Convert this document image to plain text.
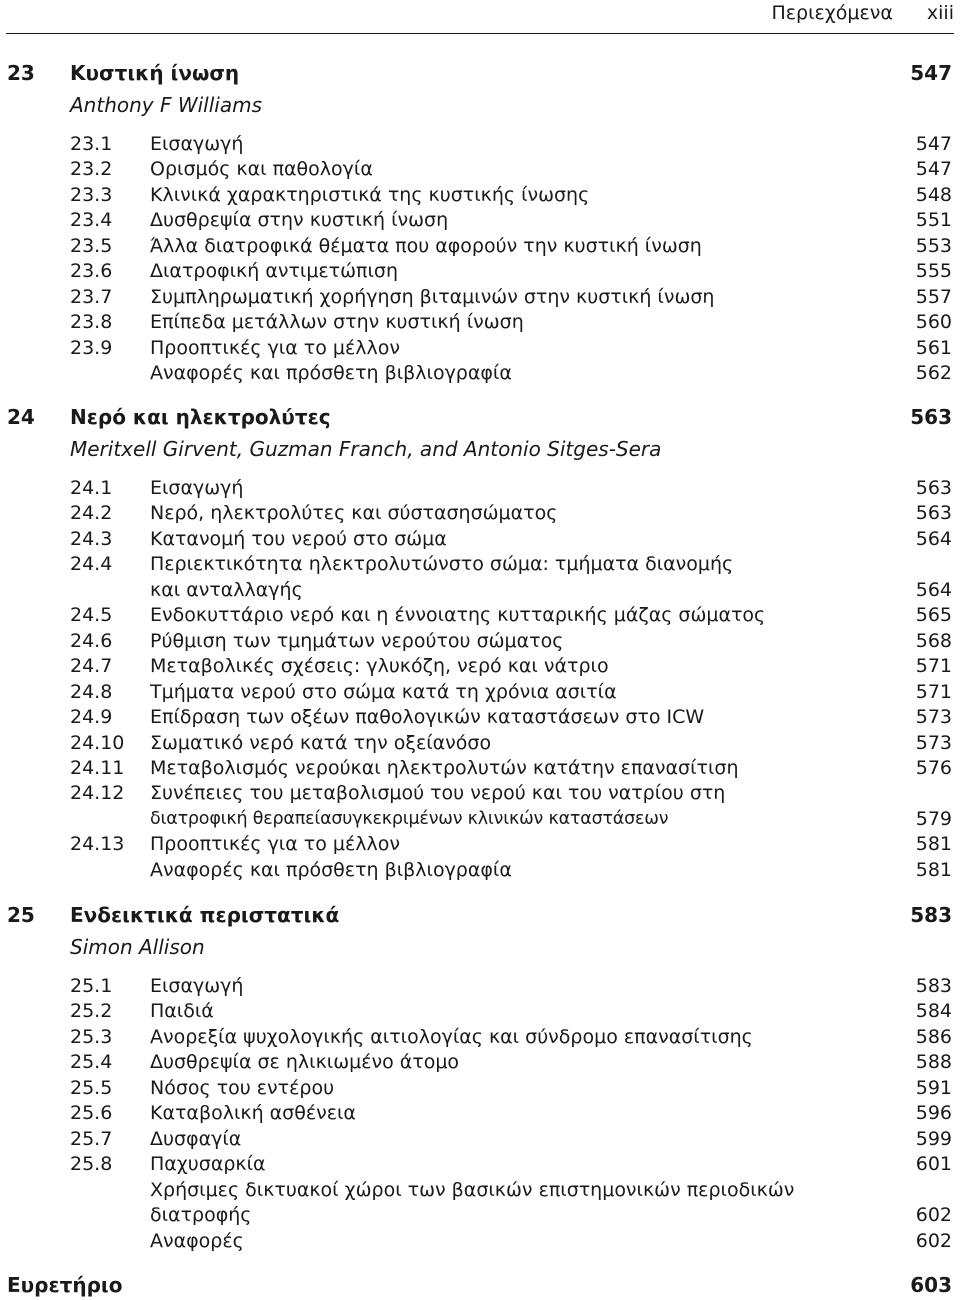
Περιεχόμενα xiii
23 Κυστική ίνωση	547
Anthony F Williams
23.1 Εισαγωγή	547
23.2 Ορισμός και παθολογία	547
23.3 Κλινικά χαρακτηριστικά της κυστικής ίνωσης	548
23.4 Δυσθρεψία στην κυστική ίνωση	551
23.5 Άλλα διατροφικά θέματα που αφορούν την κυστική ίνωση	553
23.6 Διατροφική αντιμετώπιση	555
23.7 Συμπληρωματική χορήγηση βιταμινών στην κυστική ίνωση	557
23.8 Επίπεδα μετάλλων στην κυστική ίνωση	560
23.9 Προοπτικές για το μέλλον	561
Αναφορές και πρόσθετη βιβλιογραφία	562
24 Νερό και ηλεκτρολύτες	563
Meritxell Girvent, Guzman Franch, and Antonio Sitges-Sera
24.1 Εισαγωγή	563
24.2 Νερό, ηλεκτρολύτες και σύστασησώματος	563
24.3 Κατανομή του νερού στο σώμα	564
24.4 Περιεκτικότητα ηλεκτρολυτώνστο σώμα: τμήματα διανομής
και ανταλλαγής	564
24.5 Ενδοκυττάριο νερό και η έννοιατης κυτταρικής μάζας σώματος	565
24.6 Ρύθμιση των τμημάτων νερούτου σώματος	568
24.7 Μεταβολικές σχέσεις: γλυκόζη, νερό και νάτριο	571
24.8 Τμήματα νερού στο σώμα κατά τη χρόνια ασιτία	571
24.9 Επίδραση των οξέων παθολογικών καταστάσεων στο ICW	573
24.10 Σωματικό νερό κατά την οξείανόσο	573
24.11 Μεταβολισμός νερούκαι ηλεκτρολυτών κατάτην επανασίτιση	576
24.12 Συνέπειες του μεταβολισμού του νερού και του νατρίου στη
διατροφική θεραπείασυγκεκριμένων κλινικών καταστάσεων	579
24.13 Προοπτικές για το μέλλον	581
Αναφορές και πρόσθετη βιβλιογραφία	581
25 Ενδεικτικά περιστατικά	583
Simon Allison
25.1 Εισαγωγή	583
25.2 Παιδιά	584
25.3 Ανορεξία ψυχολογικής αιτιολογίας και σύνδρομο επανασίτισης	586
25.4 Δυσθρεψία σε ηλικιωμένο άτομο	588
25.5 Νόσος του εντέρου	591
25.6 Καταβολική ασθένεια	596
25.7 Δυσφαγία	599
25.8 Παχυσαρκία	601
Χρήσιμες δικτυακοί χώροι των βασικών επιστημονικών περιοδικών
διατροφής	602
Αναφορές	602
Ευρετήριο	603
